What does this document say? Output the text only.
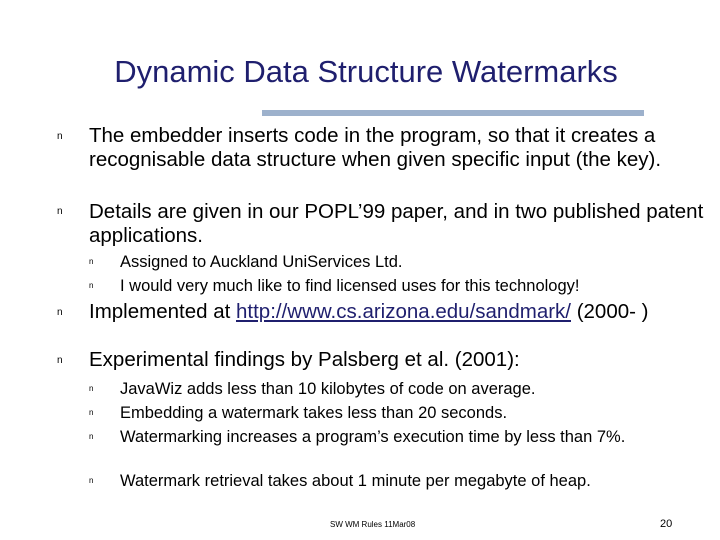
Dynamic Data Structure Watermarks
n The embedder inserts code in the program, so that it creates a recognisable data structure when given specific input (the key).
n Details are given in our POPL’99 paper, and in two published patent applications.
n Assigned to Auckland UniServices Ltd.
n I would very much like to find licensed uses for this technology!
n Implemented at http://www.cs.arizona.edu/sandmark/ (2000- )
n Experimental findings by Palsberg et al. (2001):
n JavaWiz adds less than 10 kilobytes of code on average.
n Embedding a watermark takes less than 20 seconds.
n Watermarking increases a program’s execution time by less than 7%.
n Watermark retrieval takes about 1 minute per megabyte of heap.
SW WM Rules 11Mar08	20
